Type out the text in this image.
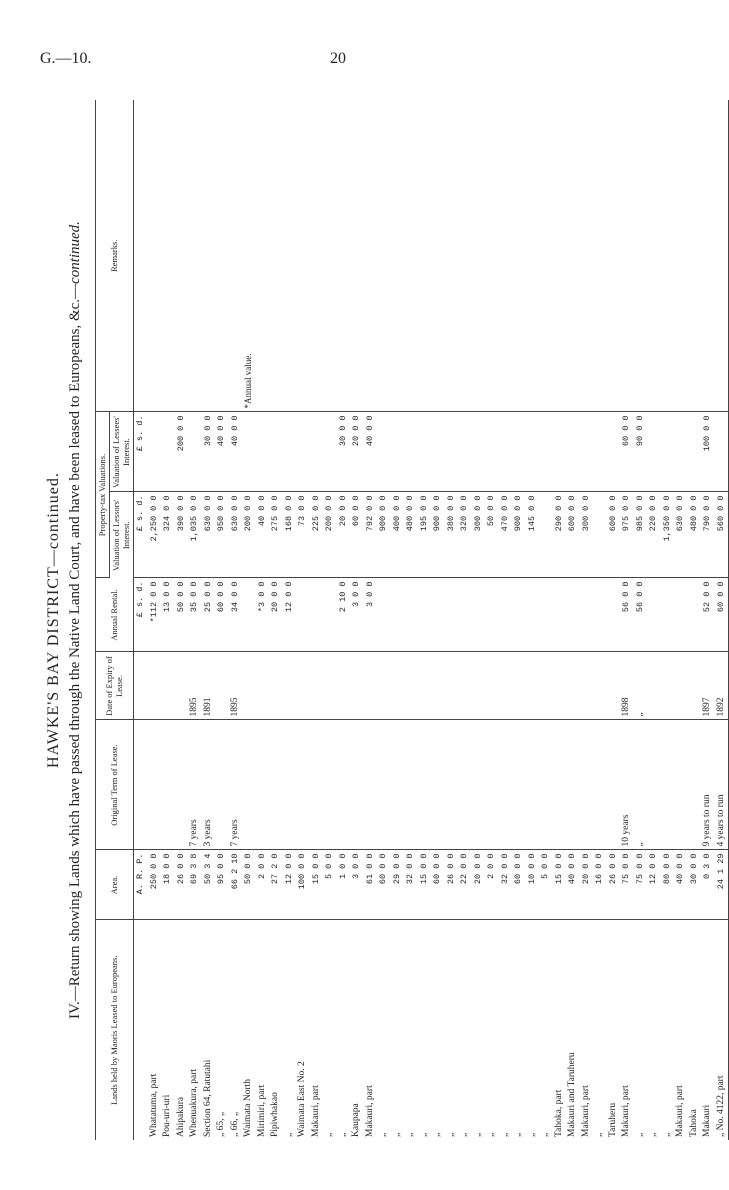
G.—10.	20
HAWKE'S BAY DISTRICT—continued. IV.—Return showing Lands which have passed through the Native Land Court, and have been leased to Europeans, &c.—continued.
Lands held by Maoris Leased to Europeans.	Area.	Original Term of Lease.	Date of Expiry of Lease.	Annual Rental.	Property-tax Valuations.		Remarks.
					Valuation of Lessors' Interest.	Valuation of Lessees' Interest.	
	A. R. P.			£ s. d.	£ s. d.	£ s. d.	
Whatatuma, part	250 0 0			*112 0 0	2,250 0 0		
Pou-uri-uri	18 0 0			13 0 0	324 0 0		
Ahipakura	26 0 0			50 0 0	390 0 0	200 0 0	
Whenuakura, part	69 3 8	7 years	1895	35 0 0	1,035 0 0		
Section 64, Ratutahi	50 3 4	3 years	1891	25 0 0	630 0 0	30 0 0	
„ 65, „	95 0 0			60 0 0	950 0 0	40 0 0	
„ 66, „	66 2 10	7 years	1895	34 0 0	630 0 0	40 0 0	
Waimata North	50 0 0				200 0 0		*Annual value.
Mirimiri, part	2 0 0			*3 0 0	40 0 0		
Pipiwhakao	27 2 0			20 0 0	275 0 0		
„	12 0 0			12 0 0	168 0 0		
Waimata East No. 2	100 0 0				73 0 0		
Makauri, part	15 0 0				225 0 0		
„	5 0 0				200 0 0		
„	1 0 0			2 10 0	20 0 0	30 0 0	
Kaupapa	3 0 0			3 0 0	60 0 0	20 0 0	
Makauri, part	61 0 0			3 0 0	792 0 0	40 0 0	
„	60 0 0				900 0 0		
„	29 0 0				400 0 0		
„	32 0 0				480 0 0		
„	15 0 0				195 0 0		
„	60 0 0				900 0 0		
„	26 0 0				380 0 0		
„	22 0 0				320 0 0		
„	20 0 0				300 0 0		
„	2 0 0				50 0 0		
„	32 0 0				470 0 0		
„	60 0 0				900 0 0		
„	10 0 0				145 0 0		
„	5 0 0						
Tahoka, part	15 0 0				290 0 0		
Makauri and Taruheru	40 0 0				600 0 0		
Makauri, part	20 0 0				300 0 0		
„	16 0 0						
Taruheru	26 0 0				600 0 0		
Makauri, part	75 0 0	10 years	1898	56 0 0	975 0 0	60 0 0	
„	75 0 0	„	„	56 0 0	985 0 0	90 0 0	
„	12 0 0				220 0 0		
„	80 0 0				1,350 0 0		
Makauri, part	40 0 0				630 0 0		
Tahoka	30 0 0				480 0 0		
Makauri	0 3 0	9 years to run	1897	52 0 0	790 0 0	100 0 0	
„ No. 4122, part	24 1 29	4 years to run	1892	60 0 0	560 0 0		
